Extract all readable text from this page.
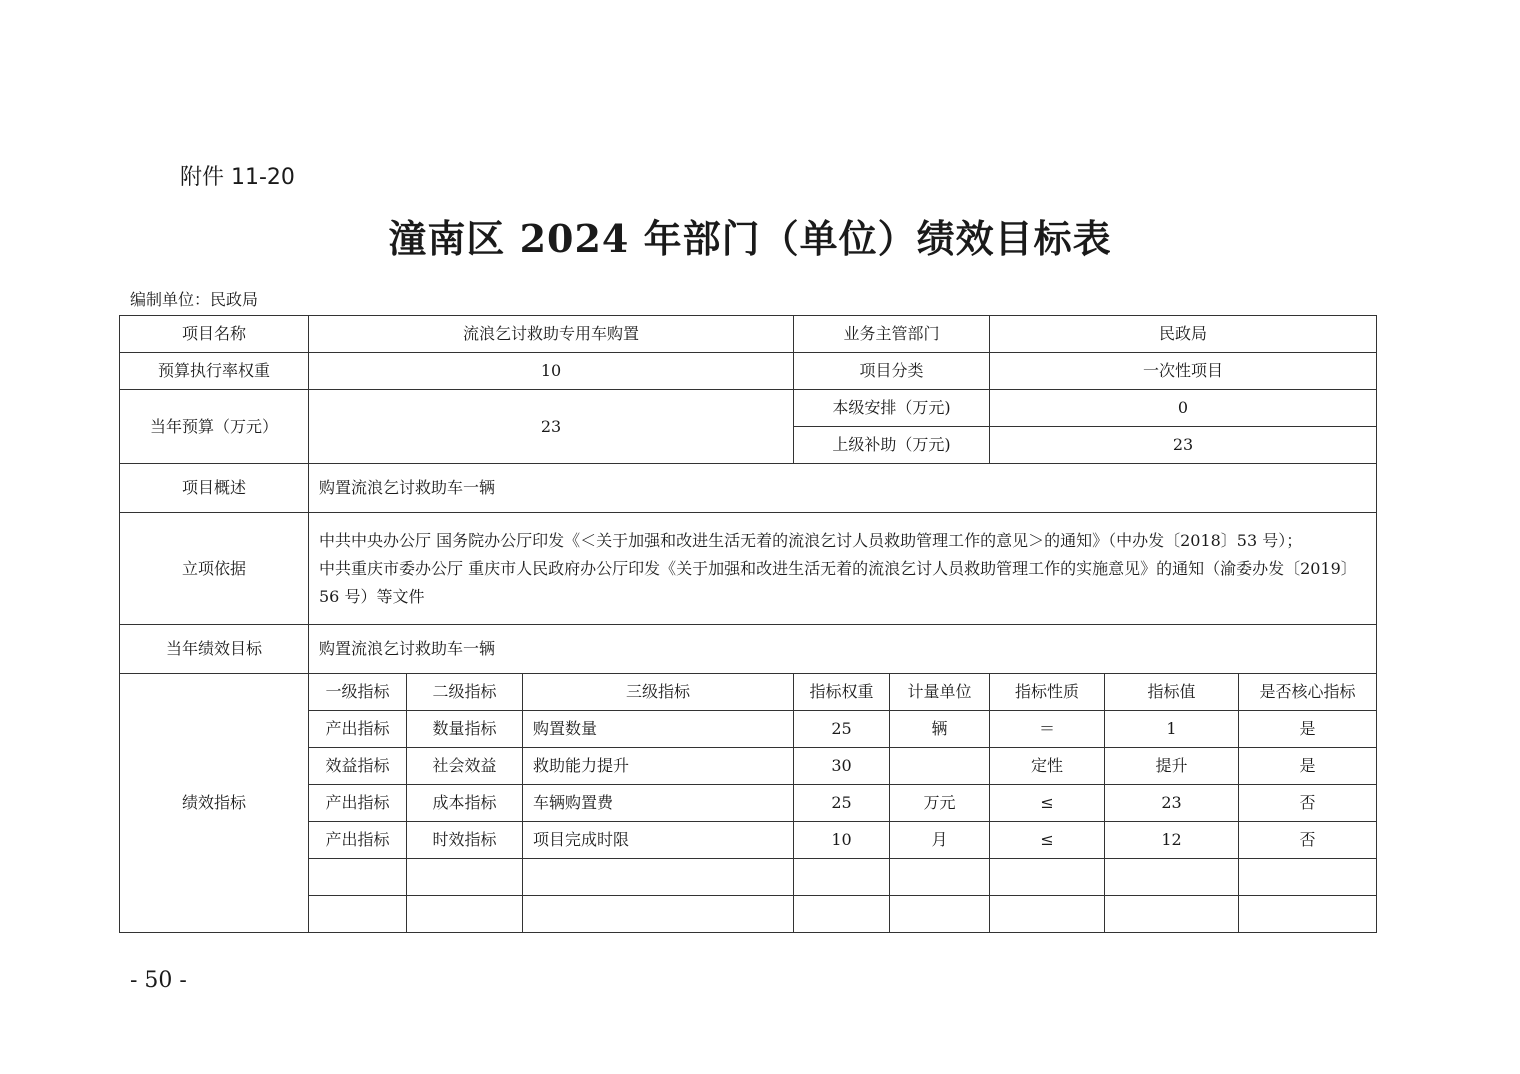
附件 11-20
潼南区 2024 年部门（单位）绩效目标表
编制单位：民政局
项目名称	流浪乞讨救助专用车购置			业务主管部门		民政局		
预算执行率权重	10			项目分类		一次性项目		
当年预算（万元）	23			本级安排（万元)		0		
				上级补助（万元)		23		
项目概述	购置流浪乞讨救助车一辆							
立项依据	中共中央办公厅 国务院办公厅印发《＜关于加强和改进生活无着的流浪乞讨人员救助管理工作的意见＞的通知》（中办发〔2018〕53 号）；
中共重庆市委办公厅 重庆市人民政府办公厅印发《关于加强和改进生活无着的流浪乞讨人员救助管理工作的实施意见》的通知（渝委办发〔2019〕56 号）等文件							

当年绩效目标	购置流浪乞讨救助车一辆							
绩效指标	一级指标	二级指标	三级指标	指标权重	计量单位	指标性质	指标值	是否核心指标
	产出指标	数量指标	购置数量	25	辆	＝	1	是
	效益指标	社会效益	救助能力提升	30		定性	提升	是
	产出指标	成本指标	车辆购置费	25	万元	≤	23	否
	产出指标	时效指标	项目完成时限	10	月	≤	12	否

- 50 -
